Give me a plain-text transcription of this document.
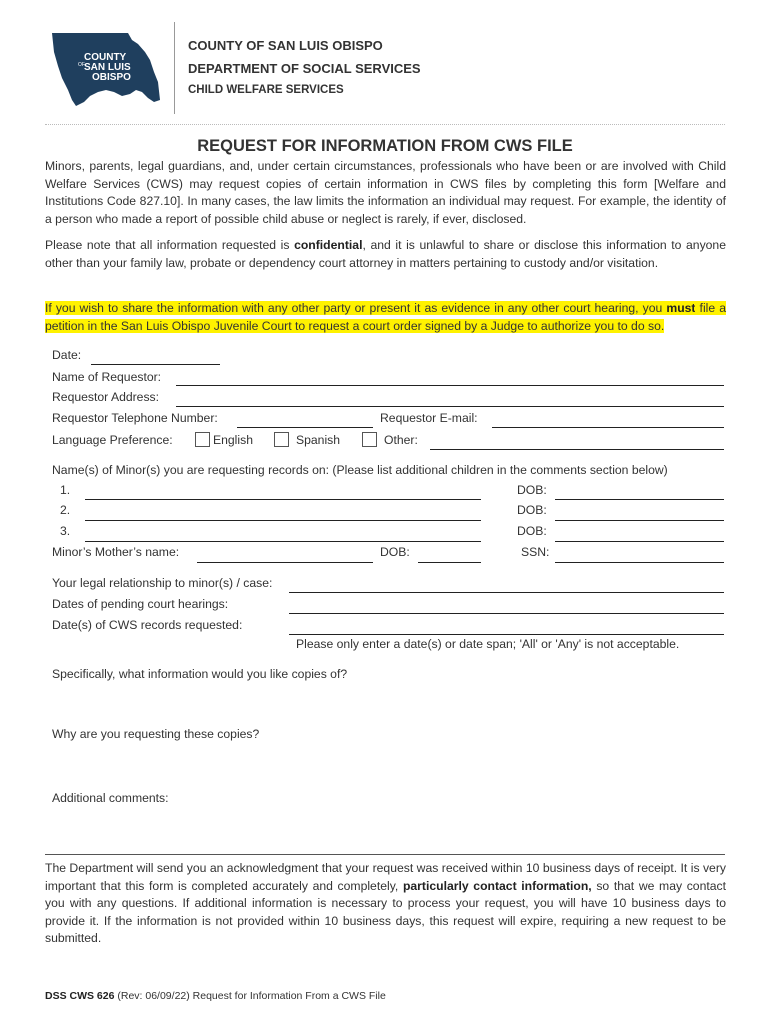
COUNTY
OF SAN LUIS
OBISPO
COUNTY OF SAN LUIS OBISPO
DEPARTMENT OF SOCIAL SERVICES
CHILD WELFARE SERVICES
REQUEST FOR INFORMATION FROM CWS FILE
Minors, parents, legal guardians, and, under certain circumstances, professionals who have been or are involved with Child Welfare Services (CWS) may request copies of certain information in CWS files by completing this form [Welfare and Institutions Code 827.10]. In many cases, the law limits the information an individual may request. For example, the identity of a person who made a report of possible child abuse or neglect is rarely, if ever, disclosed.
Please note that all information requested is confidential, and it is unlawful to share or disclose this information to anyone other than your family law, probate or dependency court attorney in matters pertaining to custody and/or visitation.
If you wish to share the information with any other party or present it as evidence in any other court hearing, you must file a petition in the San Luis Obispo Juvenile Court to request a court order signed by a Judge to authorize you to do so.
Date:
Name of Requestor:
Requestor Address:
Requestor Telephone Number:	Requestor E-mail:
Language Preference:	English	Spanish	Other:
Name(s) of Minor(s) you are requesting records on: (Please list additional children in the comments section below)
1.	DOB:
2.	DOB:
3.	DOB:
Minor’s Mother’s name:	DOB:	SSN:
Your legal relationship to minor(s) / case:
Dates of pending court hearings:
Date(s) of CWS records requested:
Please only enter a date(s) or date span; 'All' or 'Any' is not acceptable.
Specifically, what information would you like copies of?
Why are you requesting these copies?
Additional comments:
The Department will send you an acknowledgment that your request was received within 10 business days of receipt. It is very important that this form is completed accurately and completely, particularly contact information, so that we may contact you with any questions. If additional information is necessary to process your request, you will have 10 business days to provide it. If the information is not provided within 10 business days, this request will expire, requiring a new request to be submitted.
DSS CWS 626 (Rev: 06/09/22) Request for Information From a CWS File
